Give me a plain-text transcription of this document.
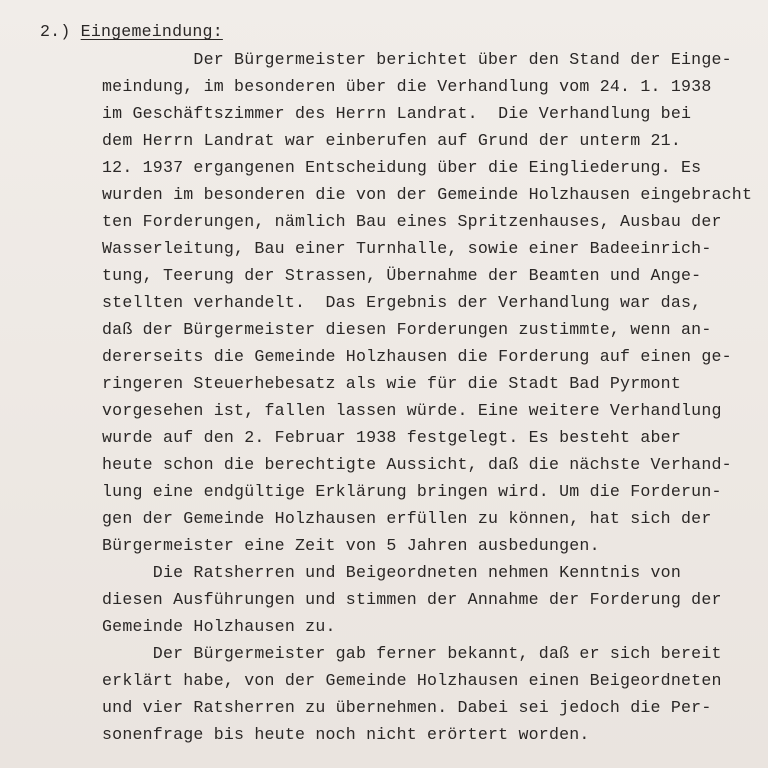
2.) Eingemeindung:
Der Bürgermeister berichtet über den Stand der Einge-
meindung, im besonderen über die Verhandlung vom 24. 1. 1938
im Geschäftszimmer des Herrn Landrat.  Die Verhandlung bei
dem Herrn Landrat war einberufen auf Grund der unterm 21.
12. 1937 ergangenen Entscheidung über die Eingliederung. Es
wurden im besonderen die von der Gemeinde Holzhausen eingebracht
ten Forderungen, nämlich Bau eines Spritzenhauses, Ausbau der
Wasserleitung, Bau einer Turnhalle, sowie einer Badeeinrich-
tung, Teerung der Strassen, Übernahme der Beamten und Ange-
stellten verhandelt.  Das Ergebnis der Verhandlung war das,
daß der Bürgermeister diesen Forderungen zustimmte, wenn an-
dererseits die Gemeinde Holzhausen die Forderung auf einen ge-
ringeren Steuerhebesatz als wie für die Stadt Bad Pyrmont
vorgesehen ist, fallen lassen würde. Eine weitere Verhandlung
wurde auf den 2. Februar 1938 festgelegt. Es besteht aber
heute schon die berechtigte Aussicht, daß die nächste Verhand-
lung eine endgültige Erklärung bringen wird. Um die Forderun-
gen der Gemeinde Holzhausen erfüllen zu können, hat sich der
Bürgermeister eine Zeit von 5 Jahren ausbedungen.
Die Ratsherren und Beigeordneten nehmen Kenntnis von
diesen Ausführungen und stimmen der Annahme der Forderung der
Gemeinde Holzhausen zu.
Der Bürgermeister gab ferner bekannt, daß er sich bereit
erklärt habe, von der Gemeinde Holzhausen einen Beigeordneten
und vier Ratsherren zu übernehmen. Dabei sei jedoch die Per-
sonenfrage bis heute noch nicht erörtert worden.
